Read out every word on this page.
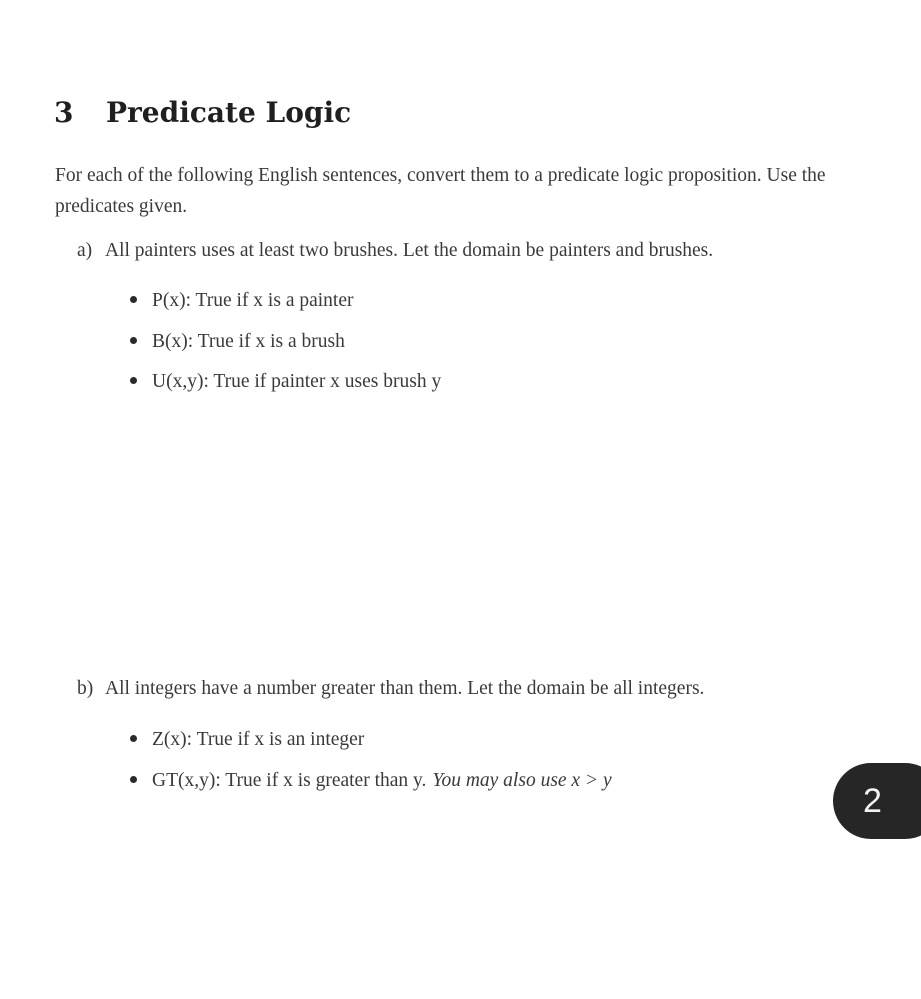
3 Predicate Logic
For each of the following English sentences, convert them to a predicate logic proposition. Use the predicates given.
a) All painters uses at least two brushes. Let the domain be painters and brushes.
P(x): True if x is a painter
B(x): True if x is a brush
U(x,y): True if painter x uses brush y
b) All integers have a number greater than them. Let the domain be all integers.
Z(x): True if x is an integer
GT(x,y): True if x is greater than y. You may also use x > y
2
